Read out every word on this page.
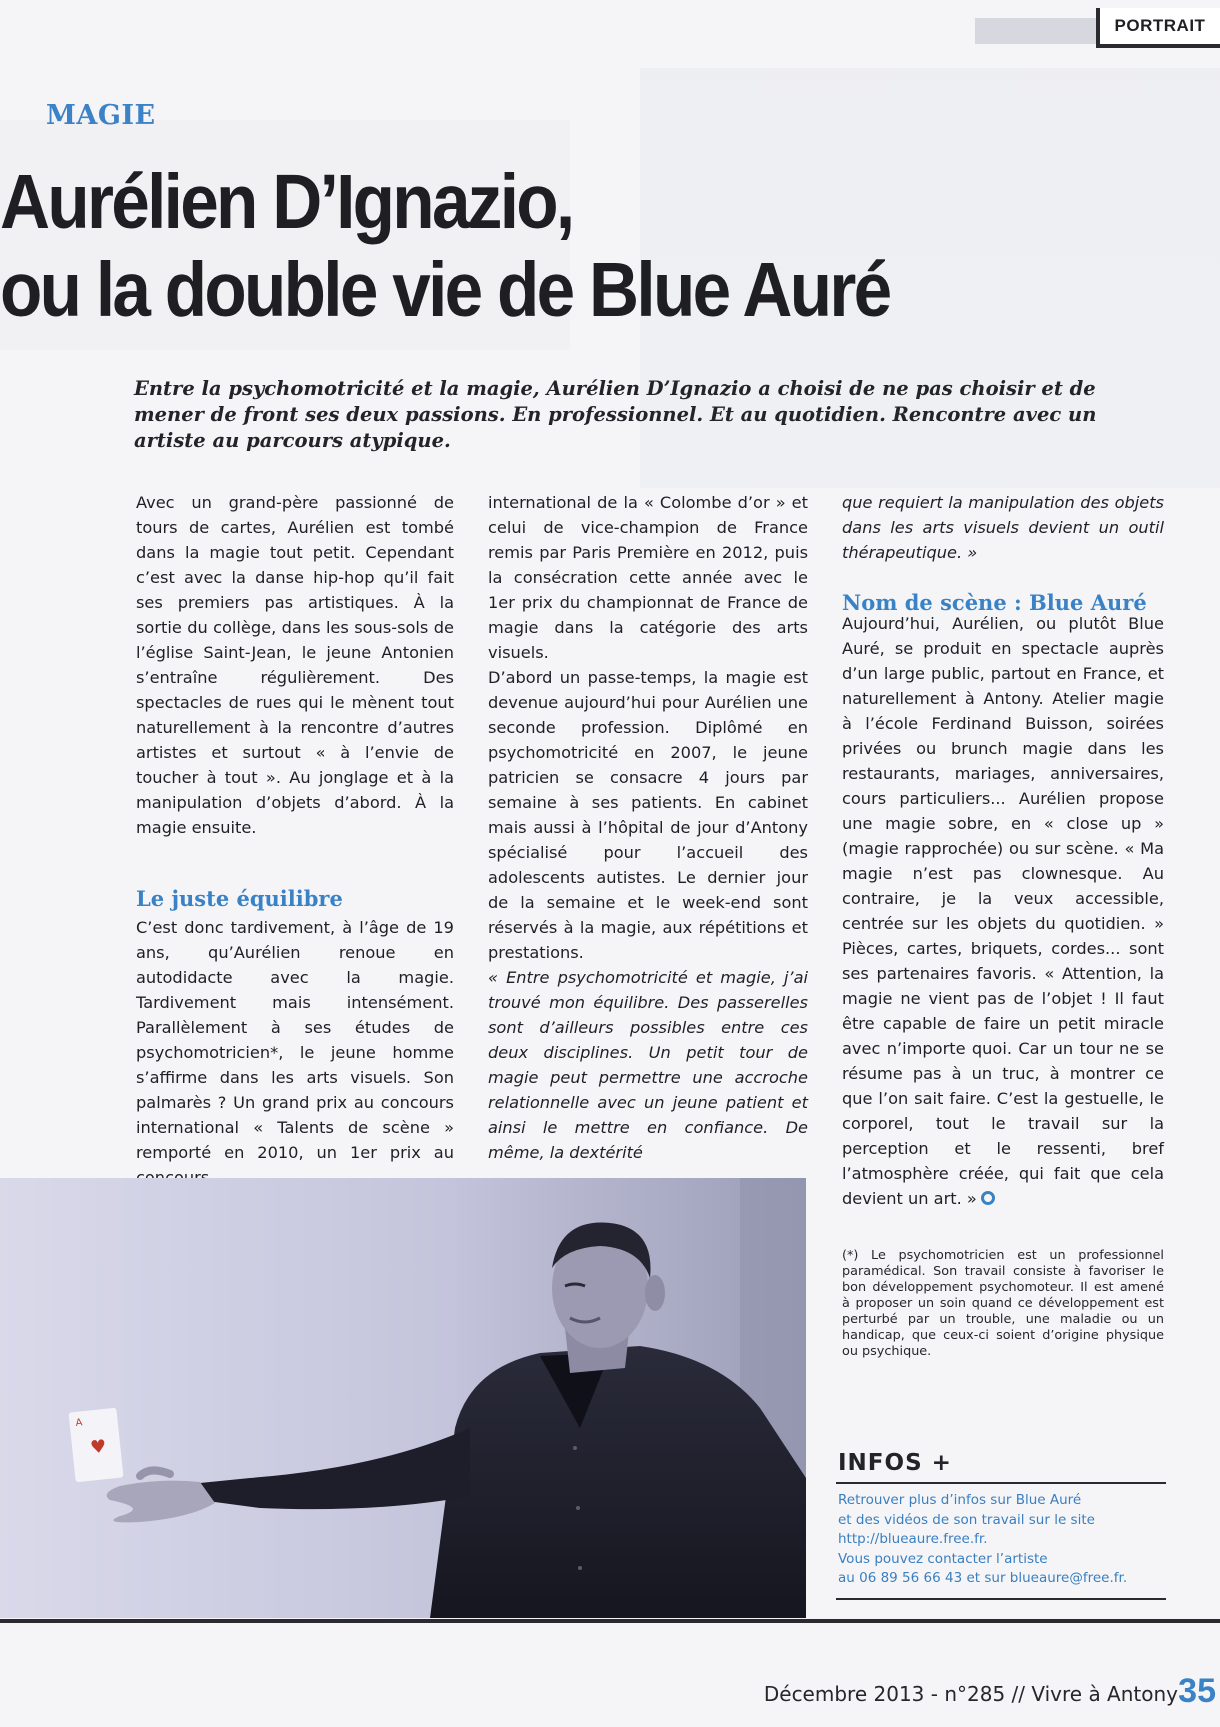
PORTRAIT
MAGIE
Aurélien D’Ignazio,
ou la double vie de Blue Auré
Entre la psychomotricité et la magie, Aurélien D’Ignazio a choisi de ne pas choisir et de mener de front ses deux passions. En professionnel. Et au quotidien. Rencontre avec un artiste au parcours atypique.

Avec un grand-père passionné de tours de cartes, Aurélien est tombé dans la magie tout petit. Cependant c’est avec la danse hip-hop qu’il fait ses premiers pas artistiques. À la sortie du collège, dans les sous-sols de l’église Saint-Jean, le jeune Antonien s’entraîne régulièrement. Des spectacles de rues qui le mènent tout naturellement à la rencontre d’autres artistes et surtout « à l’envie de toucher à tout ». Au jonglage et à la manipulation d’objets d’abord. À la magie ensuite.

Le juste équilibre

C’est donc tardivement, à l’âge de 19 ans, qu’Aurélien renoue en autodidacte avec la magie. Tardivement mais intensément. Parallèlement à ses études de psychomotricien*, le jeune homme s’affirme dans les arts visuels. Son palmarès ? Un grand prix au concours international « Talents de scène » remporté en 2010, un 1er prix au

international de la « Colombe d’or » et celui de vice-champion de France remis par Paris Première en 2012, puis la consécration cette année avec le 1er prix du championnat de France de magie dans la catégorie des arts visuels.

D’abord un passe-temps, la magie est devenue aujourd’hui pour Aurélien une seconde profession. Diplômé en psychomotricité en 2007, le jeune patricien se consacre 4 jours par semaine à ses patients. En cabinet mais aussi à l’hôpital de jour d’Antony spécialisé pour l’accueil des adolescents autistes. Le dernier jour de la semaine et le week-end sont réservés à la magie, aux répétitions et prestations.

« Entre psychomotricité et magie, j’ai trouvé mon équilibre. Des passerelles sont d’ailleurs possibles entre ces deux disciplines. Un petit tour de magie peut permettre une accroche relationnelle avec un jeune patient et ainsi le mettre en confiance. De même, la dextérité

que requiert la manipulation des objets dans les arts visuels devient un outil thérapeutique. »

Nom de scène : Blue Auré

Aujourd’hui, Aurélien, ou plutôt Blue Auré, se produit en spectacle auprès d’un large public, partout en France, et naturellement à Antony. Atelier magie à l’école Ferdinand Buisson, soirées privées ou brunch magie dans les restaurants, mariages, anniversaires, cours particuliers... Aurélien propose une magie sobre, en « close up » (magie rapprochée) ou sur scène. « Ma magie n’est pas clownesque. Au contraire, je la veux accessible, centrée sur les objets du quotidien. » Pièces, cartes, briquets, cordes... sont ses partenaires favoris. « Attention, la magie ne vient pas de l’objet ! Il faut être capable de faire un petit miracle avec n’importe quoi. Car un tour ne se résume pas à un truc, à montrer ce que l’on sait faire. C’est la gestuelle, le corporel, tout le travail sur la perception et le ressenti, bref l’atmosphère créée, qui fait que cela devient un art. »

(*) Le psychomotricien est un professionnel paramédical. Son travail consiste à favoriser le bon développement psychomoteur. Il est amené à proposer un soin quand ce développement est perturbé par un trouble, une maladie ou un handicap, que ceux-ci soient d’origine physique ou psychique.
A
♥
INFOS +
Retrouver plus d’infos sur Blue Auré
et des vidéos de son travail sur le site
http://blueaure.free.fr.
Vous pouvez contacter l’artiste
au 06 89 56 66 43 et sur blueaure@free.fr.
Décembre 2013 - n°285 // Vivre à Antony 35
